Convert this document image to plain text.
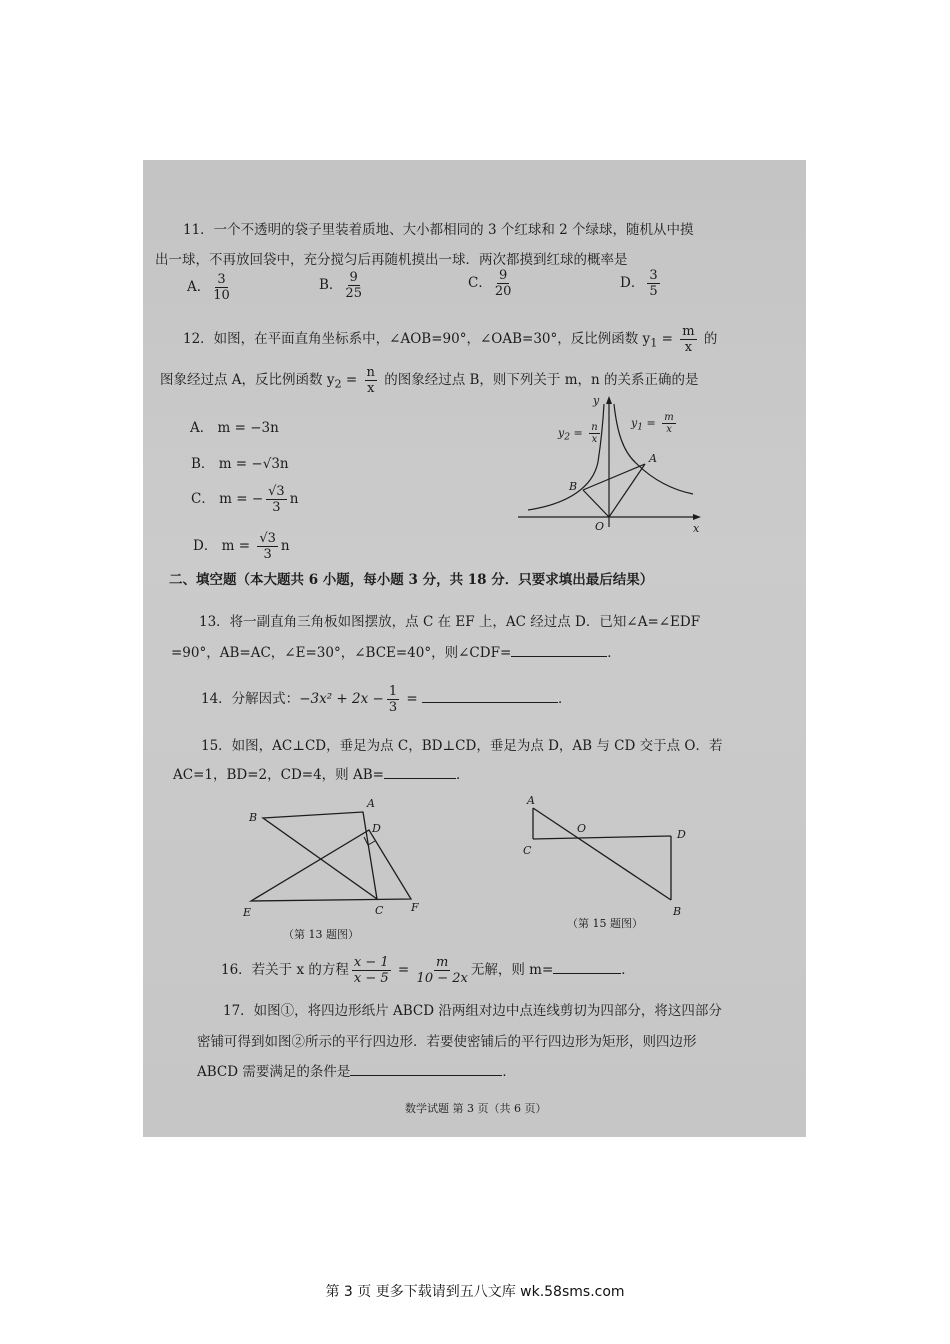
11．一个不透明的袋子里装着质地、大小都相同的 3 个红球和 2 个绿球，随机从中摸
出一球，不再放回袋中，充分搅匀后再随机摸出一球．两次都摸到红球的概率是
A． $\frac{3}{10}$	B． $\frac{9}{25}$	C． $\frac{9}{20}$	D． $\frac{3}{5}$
12．如图，在平面直角坐标系中，∠AOB=90°，∠OAB=30°，反比例函数 $y_1 = \frac{m}{x}$ 的
图象经过点 A，反比例函数 $y_2 = \frac{n}{x}$ 的图象经过点 B，则下列关于 m，n 的关系正确的是
A． m = −3n
B． m = −√3n
C． m = − $\frac{√3}{3}$ n
D． $m = \frac{√3}{3}$ n
y
x
O
A
B
$y_2 = \frac{n}{x}$	$y_1 = \frac{m}{x}$
二、填空题（本大题共 6 小题，每小题 3 分，共 18 分．只要求填出最后结果）
13．将一副直角三角板如图摆放，点 C 在 EF 上，AC 经过点 D．已知∠A=∠EDF
=90°，AB=AC，∠E=30°，∠BCE=40°，则∠CDF=	．
14．分解因式：$-3x^2 + 2x - \frac{1}{3}$ =	．
15．如图，AC⊥CD，垂足为点 C，BD⊥CD，垂足为点 D，AB 与 CD 交于点 O．若
AC=1，BD=2，CD=4，则 AB=	．
B
A
D
E	C	F
（第 13 题图）
A
C
O	D
B
（第 15 题图）
16．若关于 x 的方程 $\frac{x - 1}{x - 5} = \frac{m}{10 - 2x}$ 无解，则 m=	．
17．如图①，将四边形纸片 ABCD 沿两组对边中点连线剪切为四部分，将这四部分
密铺可得到如图②所示的平行四边形．若要使密铺后的平行四边形为矩形，则四边形
ABCD 需要满足的条件是	．
数学试题 第 3 页（共 6 页）
第 3 页 更多下载请到五八文库 wk.58sms.com
